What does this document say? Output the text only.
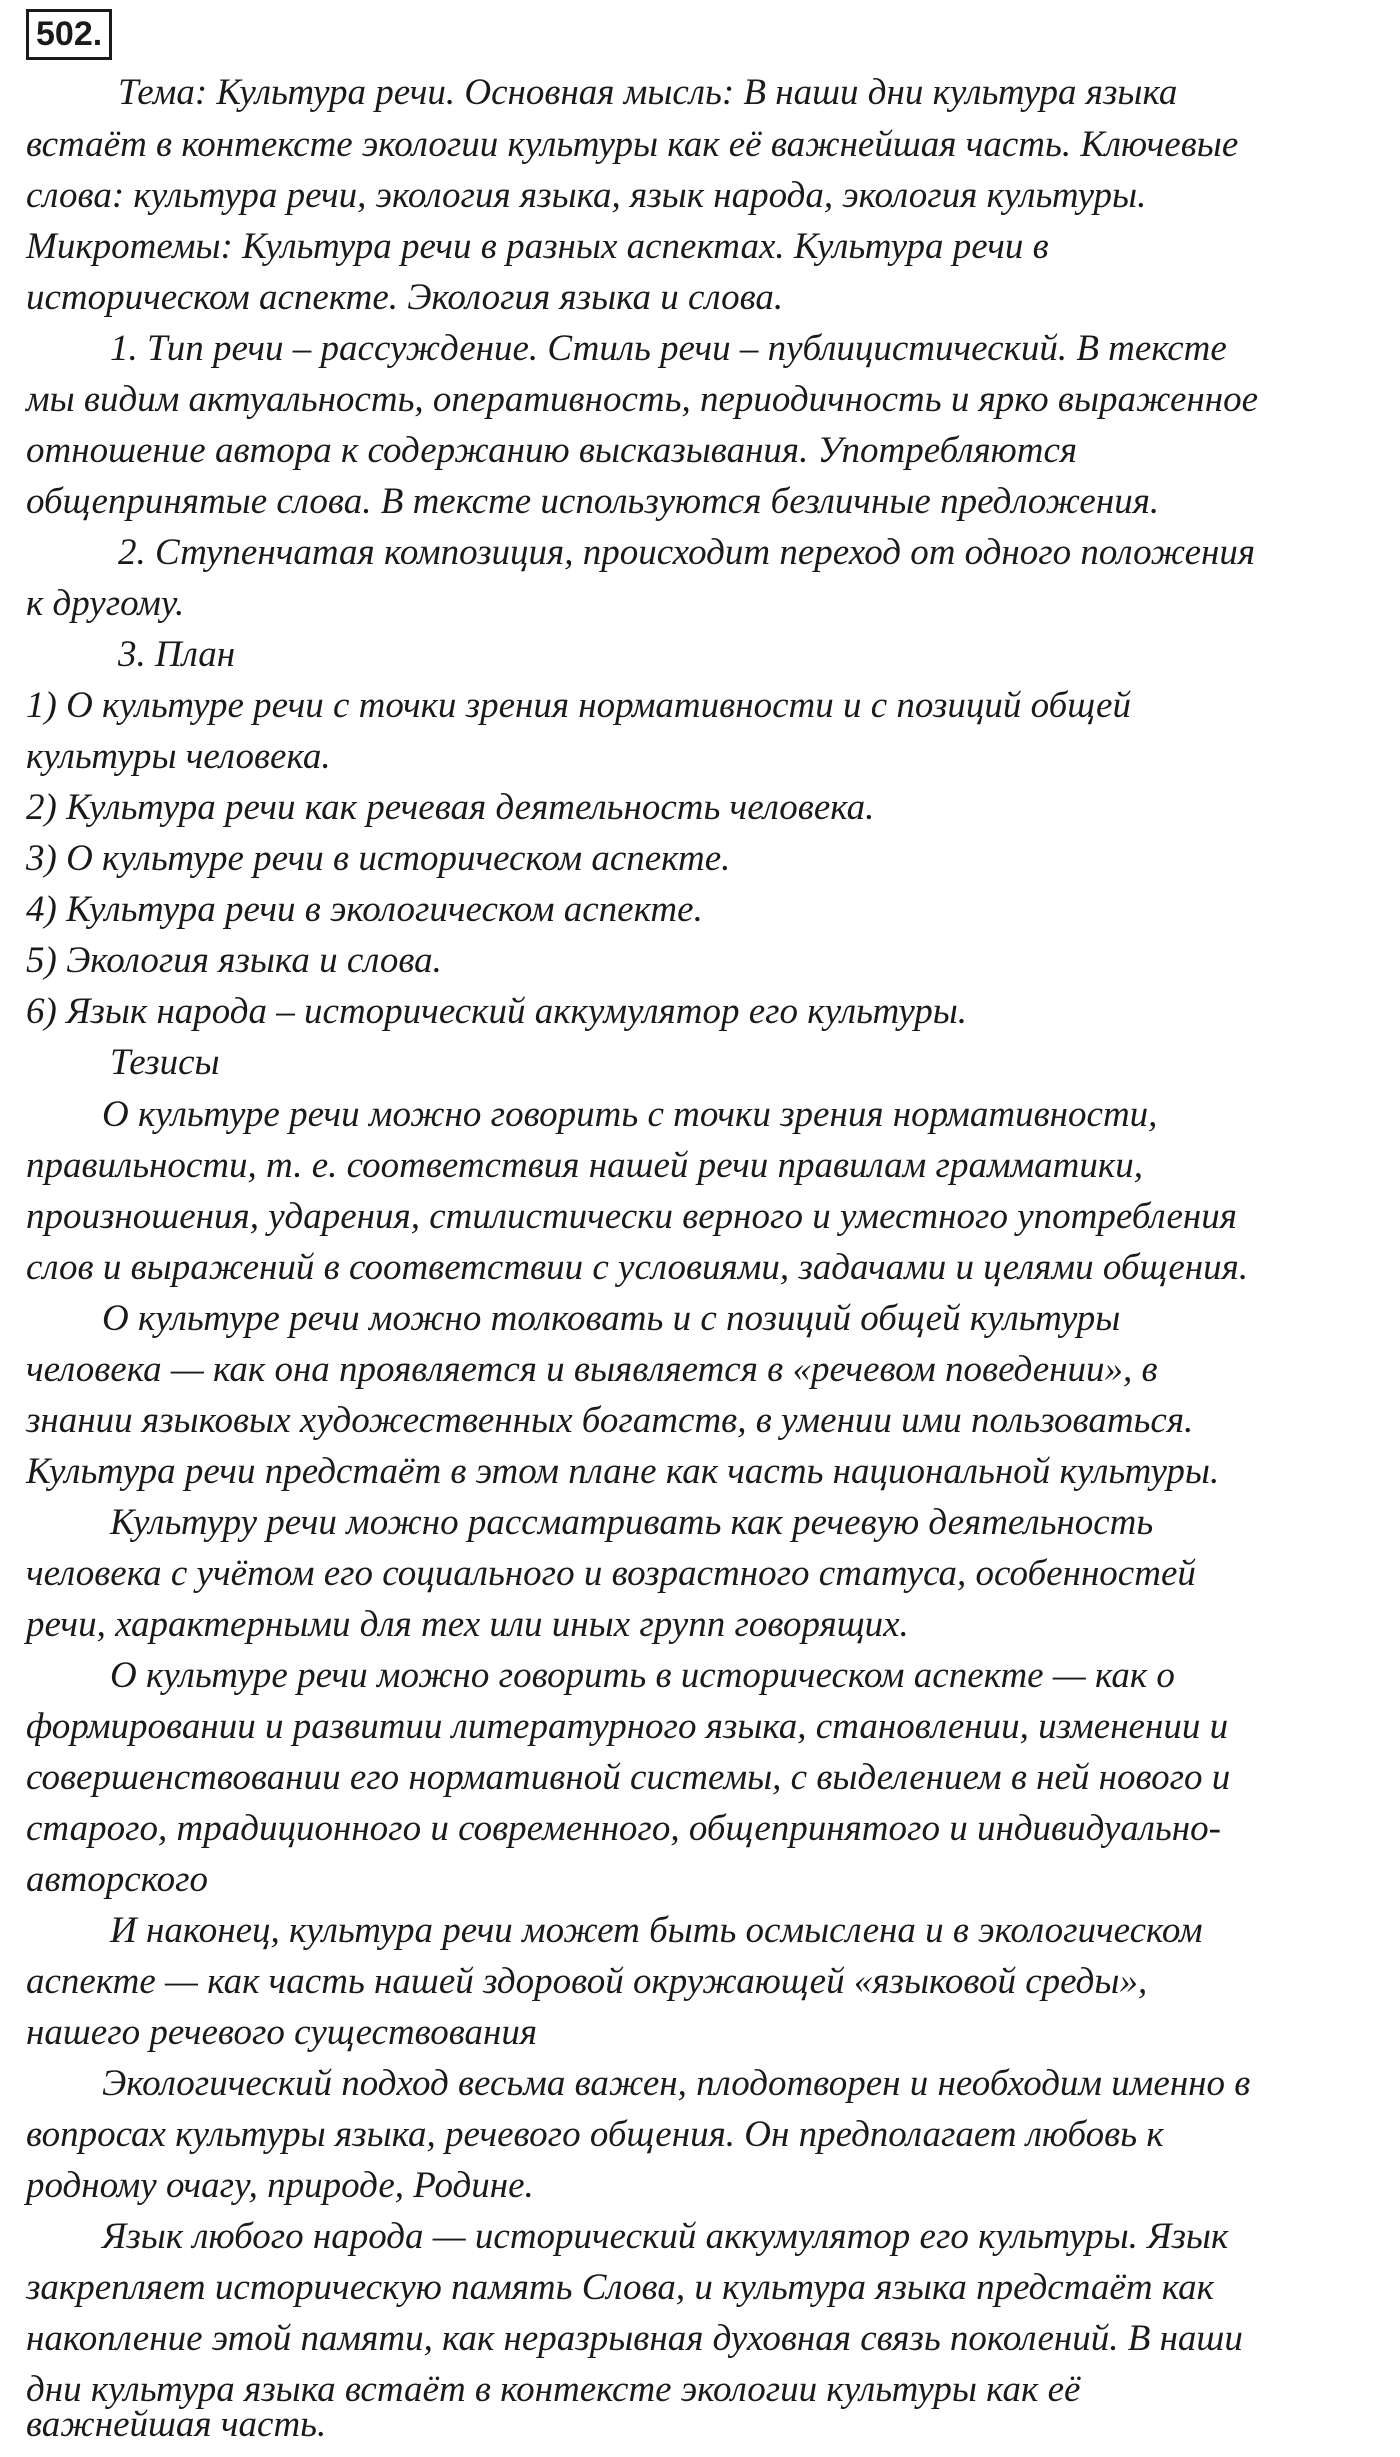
502.
Тема: Культура речи. Основная мысль: В наши дни культура языка
встаёт в контексте экологии культуры как её важнейшая часть. Ключевые
слова: культура речи, экология языка, язык народа, экология культуры.
Микротемы: Культура речи в разных аспектах. Культура речи в
историческом аспекте. Экология языка и слова.
1. Тип речи – рассуждение. Стиль речи – публицистический. В тексте
мы видим актуальность, оперативность, периодичность и ярко выраженное
отношение автора к содержанию высказывания. Употребляются
общепринятые слова. В тексте используются безличные предложения.
2. Ступенчатая композиция, происходит переход от одного положения
к другому.
3. План
1) О культуре речи с точки зрения нормативности и с позиций общей
культуры человека.
2) Культура речи как речевая деятельность человека.
3) О культуре речи в историческом аспекте.
4) Культура речи в экологическом аспекте.
5) Экология языка и слова.
6) Язык народа – исторический аккумулятор его культуры.
Тезисы
О культуре речи можно говорить с точки зрения нормативности,
правильности, т. е. соответствия нашей речи правилам грамматики,
произношения, ударения, стилистически верного и уместного употребления
слов и выражений в соответствии с условиями, задачами и целями общения.
О культуре речи можно толковать и с позиций общей культуры
человека — как она проявляется и выявляется в «речевом поведении», в
знании языковых художественных богатств, в умении ими пользоваться.
Культура речи предстаёт в этом плане как часть национальной культуры.
Культуру речи можно рассматривать как речевую деятельность
человека с учётом его социального и возрастного статуса, особенностей
речи, характерными для тех или иных групп говорящих.
О культуре речи можно говорить в историческом аспекте — как о
формировании и развитии литературного языка, становлении, изменении и
совершенствовании его нормативной системы, с выделением в ней нового и
старого, традиционного и современного, общепринятого и индивидуально-
авторского
И наконец, культура речи может быть осмыслена и в экологическом
аспекте — как часть нашей здоровой окружающей «языковой среды»,
нашего речевого существования
Экологический подход весьма важен, плодотворен и необходим именно в
вопросах культуры языка, речевого общения. Он предполагает любовь к
родному очагу, природе, Родине.
Язык любого народа — исторический аккумулятор его культуры. Язык
закрепляет историческую память Слова, и культура языка предстаёт как
накопление этой памяти, как неразрывная духовная связь поколений. В наши
дни культура языка встаёт в контексте экологии культуры как её
важнейшая часть.
